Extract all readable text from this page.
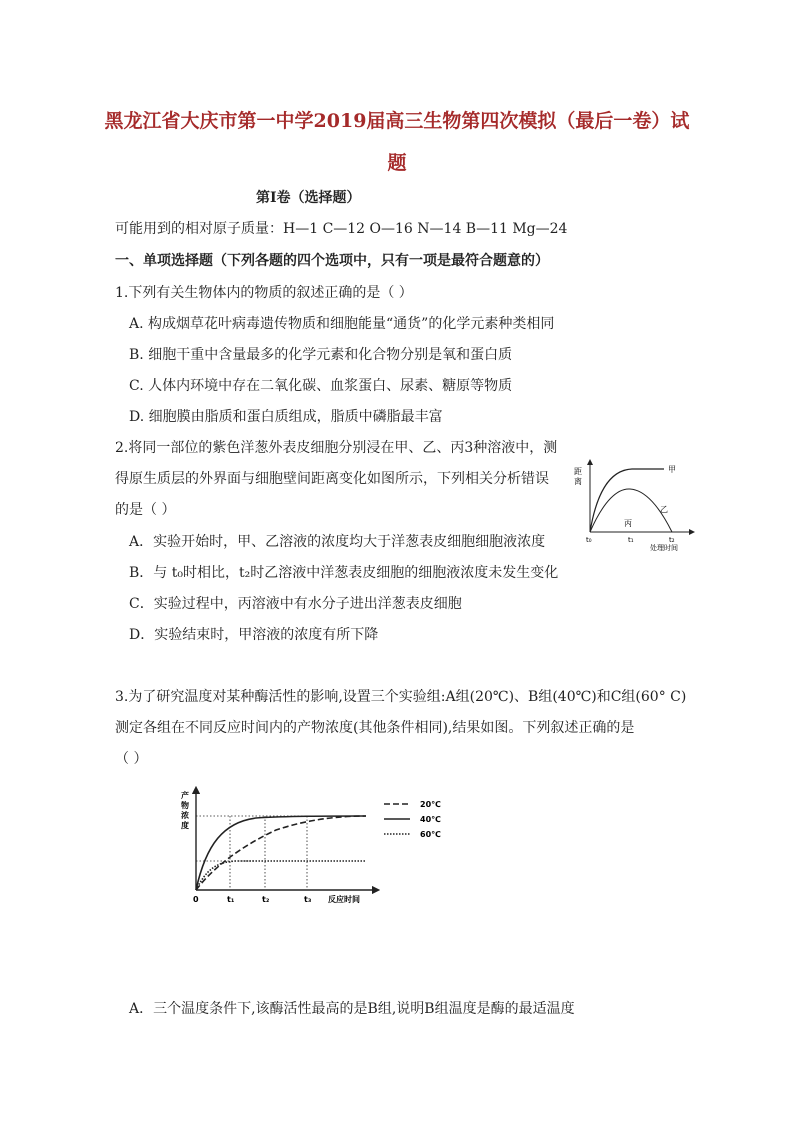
黑龙江省大庆市第一中学2019届高三生物第四次模拟（最后一卷）试
题
第Ⅰ卷（选择题）
可能用到的相对原子质量：H—1 C—12 O—16 N—14 B—11 Mg—24
一、单项选择题（下列各题的四个选项中，只有一项是最符合题意的）
1.下列有关生物体内的物质的叙述正确的是（ ）
A. 构成烟草花叶病毒遗传物质和细胞能量“通货”的化学元素种类相同
B. 细胞干重中含量最多的化学元素和化合物分别是氧和蛋白质
C. 人体内环境中存在二氧化碳、血浆蛋白、尿素、糖原等物质
D. 细胞膜由脂质和蛋白质组成，脂质中磷脂最丰富
2.将同一部位的紫色洋葱外表皮细胞分别浸在甲、乙、丙3种溶液中，测
得原生质层的外界面与细胞壁间距离变化如图所示，下列相关分析错误
的是（ ）
A．实验开始时，甲、乙溶液的浓度均大于洋葱表皮细胞细胞液浓度
B．与 t₀时相比，t₂时乙溶液中洋葱表皮细胞的细胞液浓度未发生变化
C．实验过程中，丙溶液中有水分子进出洋葱表皮细胞
D．实验结束时，甲溶液的浓度有所下降
距
离
甲
乙
丙
t₀	t₁	t₂
处理时间
3.为了研究温度对某种酶活性的影响,设置三个实验组:A组(20℃)、B组(40℃)和C组(60° C)
测定各组在不同反应时间内的产物浓度(其他条件相同),结果如图。下列叙述正确的是
（ ）
产
物
浓
度
0	t₁	t₂	t₃ 反应时间
20℃
40℃
60℃
A．三个温度条件下,该酶活性最高的是B组,说明B组温度是酶的最适温度
